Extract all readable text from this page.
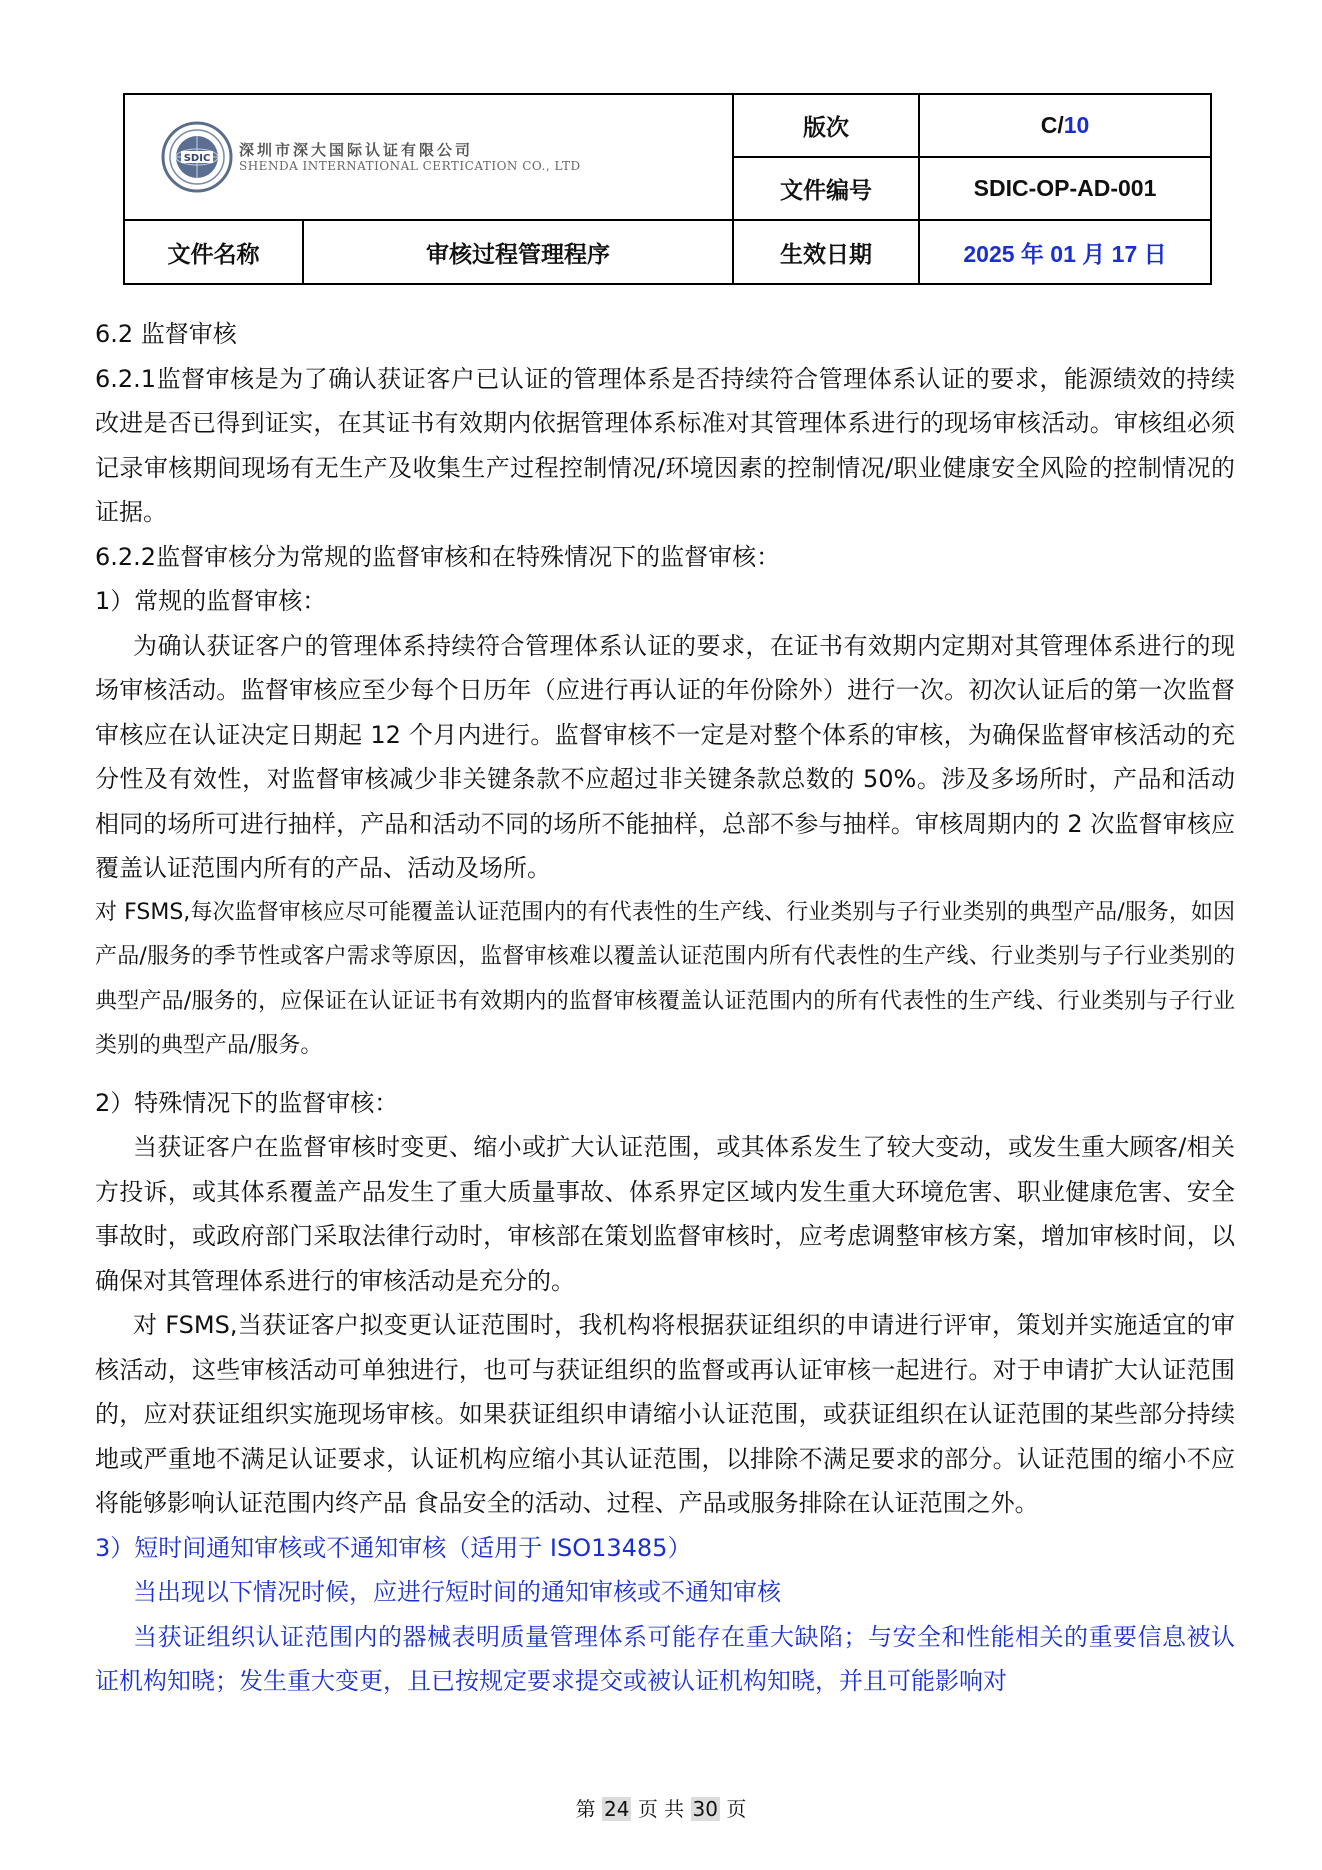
SDIC 深圳市深大国际认证有限公司
SHENDA INTERNATIONAL CERTICATION CO., LTD		版次	C/10
		文件编号	SDIC-OP-AD-001
文件名称	审核过程管理程序	生效日期	2025 年 01 月 17 日

6.2 监督审核

6.2.1监督审核是为了确认获证客户已认证的管理体系是否持续符合管理体系认证的要求，能源绩效的持续改进是否已得到证实，在其证书有效期内依据管理体系标准对其管理体系进行的现场审核活动。审核组必须记录审核期间现场有无生产及收集生产过程控制情况/环境因素的控制情况/职业健康安全风险的控制情况的证据。

6.2.2监督审核分为常规的监督审核和在特殊情况下的监督审核：

1）常规的监督审核：

为确认获证客户的管理体系持续符合管理体系认证的要求，在证书有效期内定期对其管理体系进行的现场审核活动。监督审核应至少每个日历年（应进行再认证的年份除外）进行一次。初次认证后的第一次监督审核应在认证决定日期起 12 个月内进行。监督审核不一定是对整个体系的审核，为确保监督审核活动的充分性及有效性，对监督审核减少非关键条款不应超过非关键条款总数的 50%。涉及多场所时，产品和活动相同的场所可进行抽样，产品和活动不同的场所不能抽样，总部不参与抽样。审核周期内的 2 次监督审核应覆盖认证范围内所有的产品、活动及场所。

对 FSMS,每次监督审核应尽可能覆盖认证范围内的有代表性的生产线、行业类别与子行业类别的典型产品/服务，如因产品/服务的季节性或客户需求等原因，监督审核难以覆盖认证范围内所有代表性的生产线、行业类别与子行业类别的典型产品/服务的，应保证在认证证书有效期内的监督审核覆盖认证范围内的所有代表性的生产线、行业类别与子行业类别的典型产品/服务。

2）特殊情况下的监督审核：

当获证客户在监督审核时变更、缩小或扩大认证范围，或其体系发生了较大变动，或发生重大顾客/相关方投诉，或其体系覆盖产品发生了重大质量事故、体系界定区域内发生重大环境危害、职业健康危害、安全事故时，或政府部门采取法律行动时，审核部在策划监督审核时，应考虑调整审核方案，增加审核时间，以确保对其管理体系进行的审核活动是充分的。

对 FSMS,当获证客户拟变更认证范围时，我机构将根据获证组织的申请进行评审，策划并实施适宜的审核活动，这些审核活动可单独进行，也可与获证组织的监督或再认证审核一起进行。对于申请扩大认证范围的，应对获证组织实施现场审核。如果获证组织申请缩小认证范围，或获证组织在认证范围的某些部分持续地或严重地不满足认证要求，认证机构应缩小其认证范围，以排除不满足要求的部分。认证范围的缩小不应将能够影响认证范围内终产品 食品安全的活动、过程、产品或服务排除在认证范围之外。

3）短时间通知审核或不通知审核（适用于 ISO13485）

当出现以下情况时候，应进行短时间的通知审核或不通知审核

当获证组织认证范围内的器械表明质量管理体系可能存在重大缺陷；与安全和性能相关的重要信息被认证机构知晓；发生重大变更，且已按规定要求提交或被认证机构知晓，并且可能影响对

第 24 页 共 30 页
